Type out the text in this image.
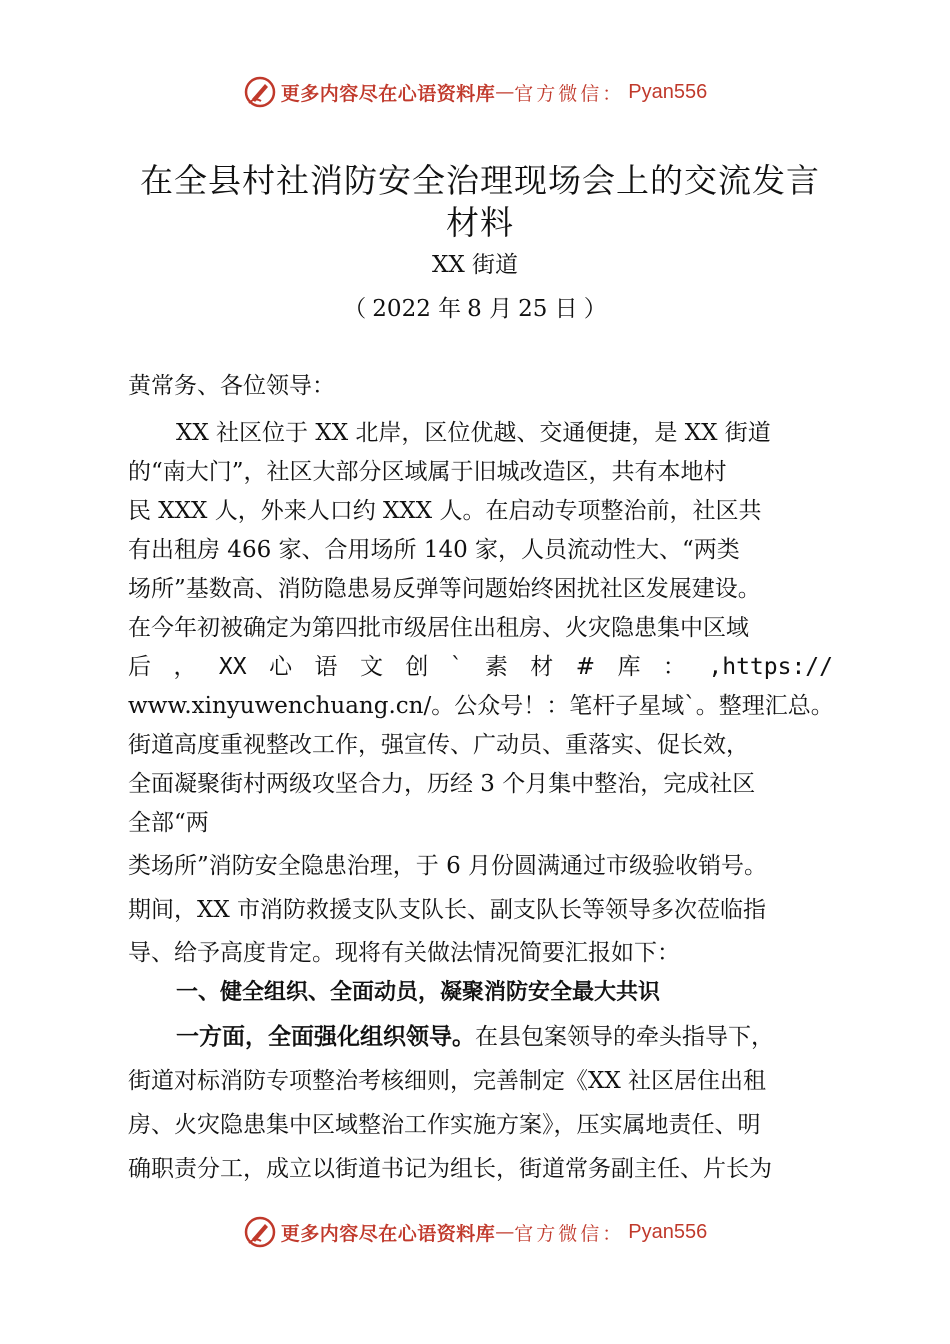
更多内容尽在心语资料库 — 官方微信： Pyan556
在全县村社消防安全治理现场会上的交流发言
材料
XX 街道
（ 2022 年 8 月 25 日 ）
黄常务、各位领导：
XX 社区位于 XX 北岸，区位优越、交通便捷，是 XX 街道
的“南大门”，社区大部分区域属于旧城改造区，共有本地村
民 XXX 人，外来人口约 XXX 人。在启动专项整治前，社区共
有出租房 466 家、合用场所 140 家，人员流动性大、“两类
场所”基数高、消防隐患易反弹等问题始终困扰社区发展建设。
在今年初被确定为第四批市级居住出租房、火灾隐患集中区域
后 ， XX 心 语 文 创 ` 素 材 # 库 ： ,https://
www.xinyuwenchuang.cn/。公众号！：笔杆子星域`。整理汇总。
街道高度重视整改工作，强宣传、广动员、重落实、促长效，
全面凝聚街村两级攻坚合力，历经 3 个月集中整治，完成社区
全部“两
类场所”消防安全隐患治理，于 6 月份圆满通过市级验收销号。
期间，XX 市消防救援支队支队长、副支队长等领导多次莅临指
导、给予高度肯定。现将有关做法情况简要汇报如下：
一、健全组织、全面动员，凝聚消防安全最大共识
一方面，全面强化组织领导。在县包案领导的牵头指导下，
街道对标消防专项整治考核细则，完善制定《XX 社区居住出租
房、火灾隐患集中区域整治工作实施方案》，压实属地责任、明
确职责分工，成立以街道书记为组长，街道常务副主任、片长为
更多内容尽在心语资料库 — 官方微信： Pyan556
